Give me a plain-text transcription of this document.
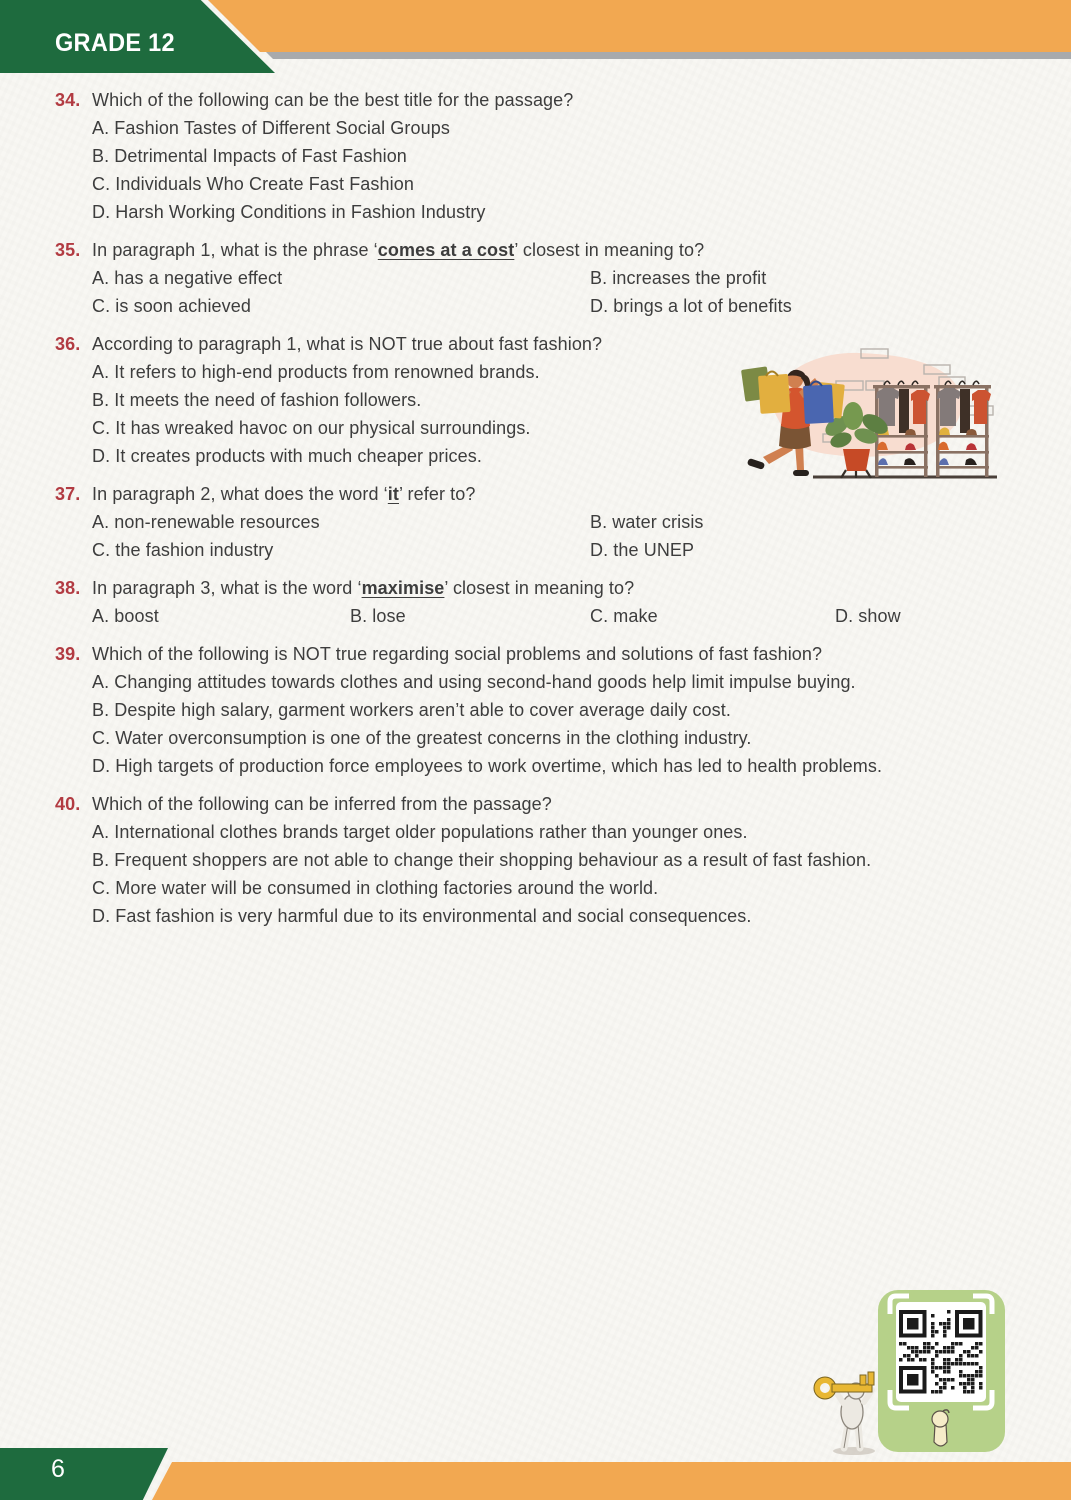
GRADE 12
34. Which of the following can be the best title for the passage?
A. Fashion Tastes of Different Social Groups
B. Detrimental Impacts of Fast Fashion
C. Individuals Who Create Fast Fashion
D. Harsh Working Conditions in Fashion Industry
35. In paragraph 1, what is the phrase ‘comes at a cost’ closest in meaning to?
A. has a negative effect	B. increases the profit
C. is soon achieved	D. brings a lot of benefits
36. According to paragraph 1, what is NOT true about fast fashion?
A. It refers to high-end products from renowned brands.
B. It meets the need of fashion followers.
C. It has wreaked havoc on our physical surroundings.
D. It creates products with much cheaper prices.
37. In paragraph 2, what does the word ‘it’ refer to?
A. non-renewable resources	B. water crisis
C. the fashion industry	D. the UNEP
38. In paragraph 3, what is the word ‘maximise’ closest in meaning to?
A. boost	B. lose	C. make	D. show
39. Which of the following is NOT true regarding social problems and solutions of fast fashion?
A. Changing attitudes towards clothes and using second-hand goods help limit impulse buying.
B. Despite high salary, garment workers aren’t able to cover average daily cost.
C. Water overconsumption is one of the greatest concerns in the clothing industry.
D. High targets of production force employees to work overtime, which has led to health problems.
40. Which of the following can be inferred from the passage?
A. International clothes brands target older populations rather than younger ones.
B. Frequent shoppers are not able to change their shopping behaviour as a result of fast fashion.
C. More water will be consumed in clothing factories around the world.
D. Fast fashion is very harmful due to its environmental and social consequences.
6
